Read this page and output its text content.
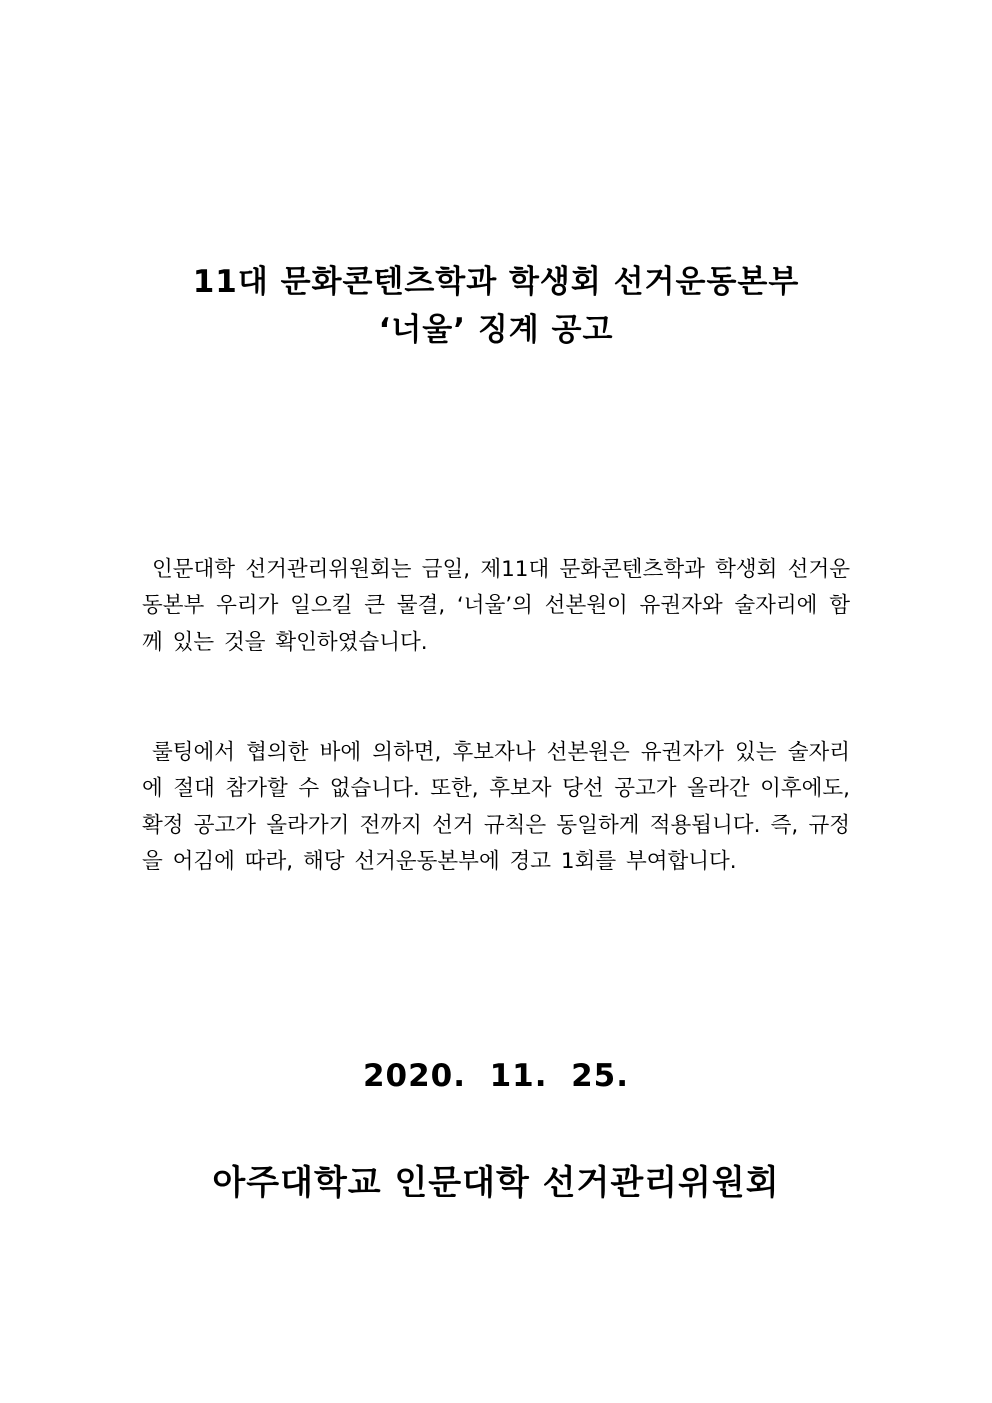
11대 문화콘텐츠학과 학생회 선거운동본부
‘너울’ 징계 공고

인문대학 선거관리위원회는 금일, 제11대 문화콘텐츠학과 학생회 선거운동본부 우리가 일으킬 큰 물결, ‘너울’의 선본원이 유권자와 술자리에 함께 있는 것을 확인하였습니다.

룰팅에서 협의한 바에 의하면, 후보자나 선본원은 유권자가 있는 술자리에 절대 참가할 수 없습니다. 또한, 후보자 당선 공고가 올라간 이후에도, 확정 공고가 올라가기 전까지 선거 규칙은 동일하게 적용됩니다. 즉, 규정을 어김에 따라, 해당 선거운동본부에 경고 1회를 부여합니다.

2020.  11.  25.
아주대학교 인문대학 선거관리위원회
